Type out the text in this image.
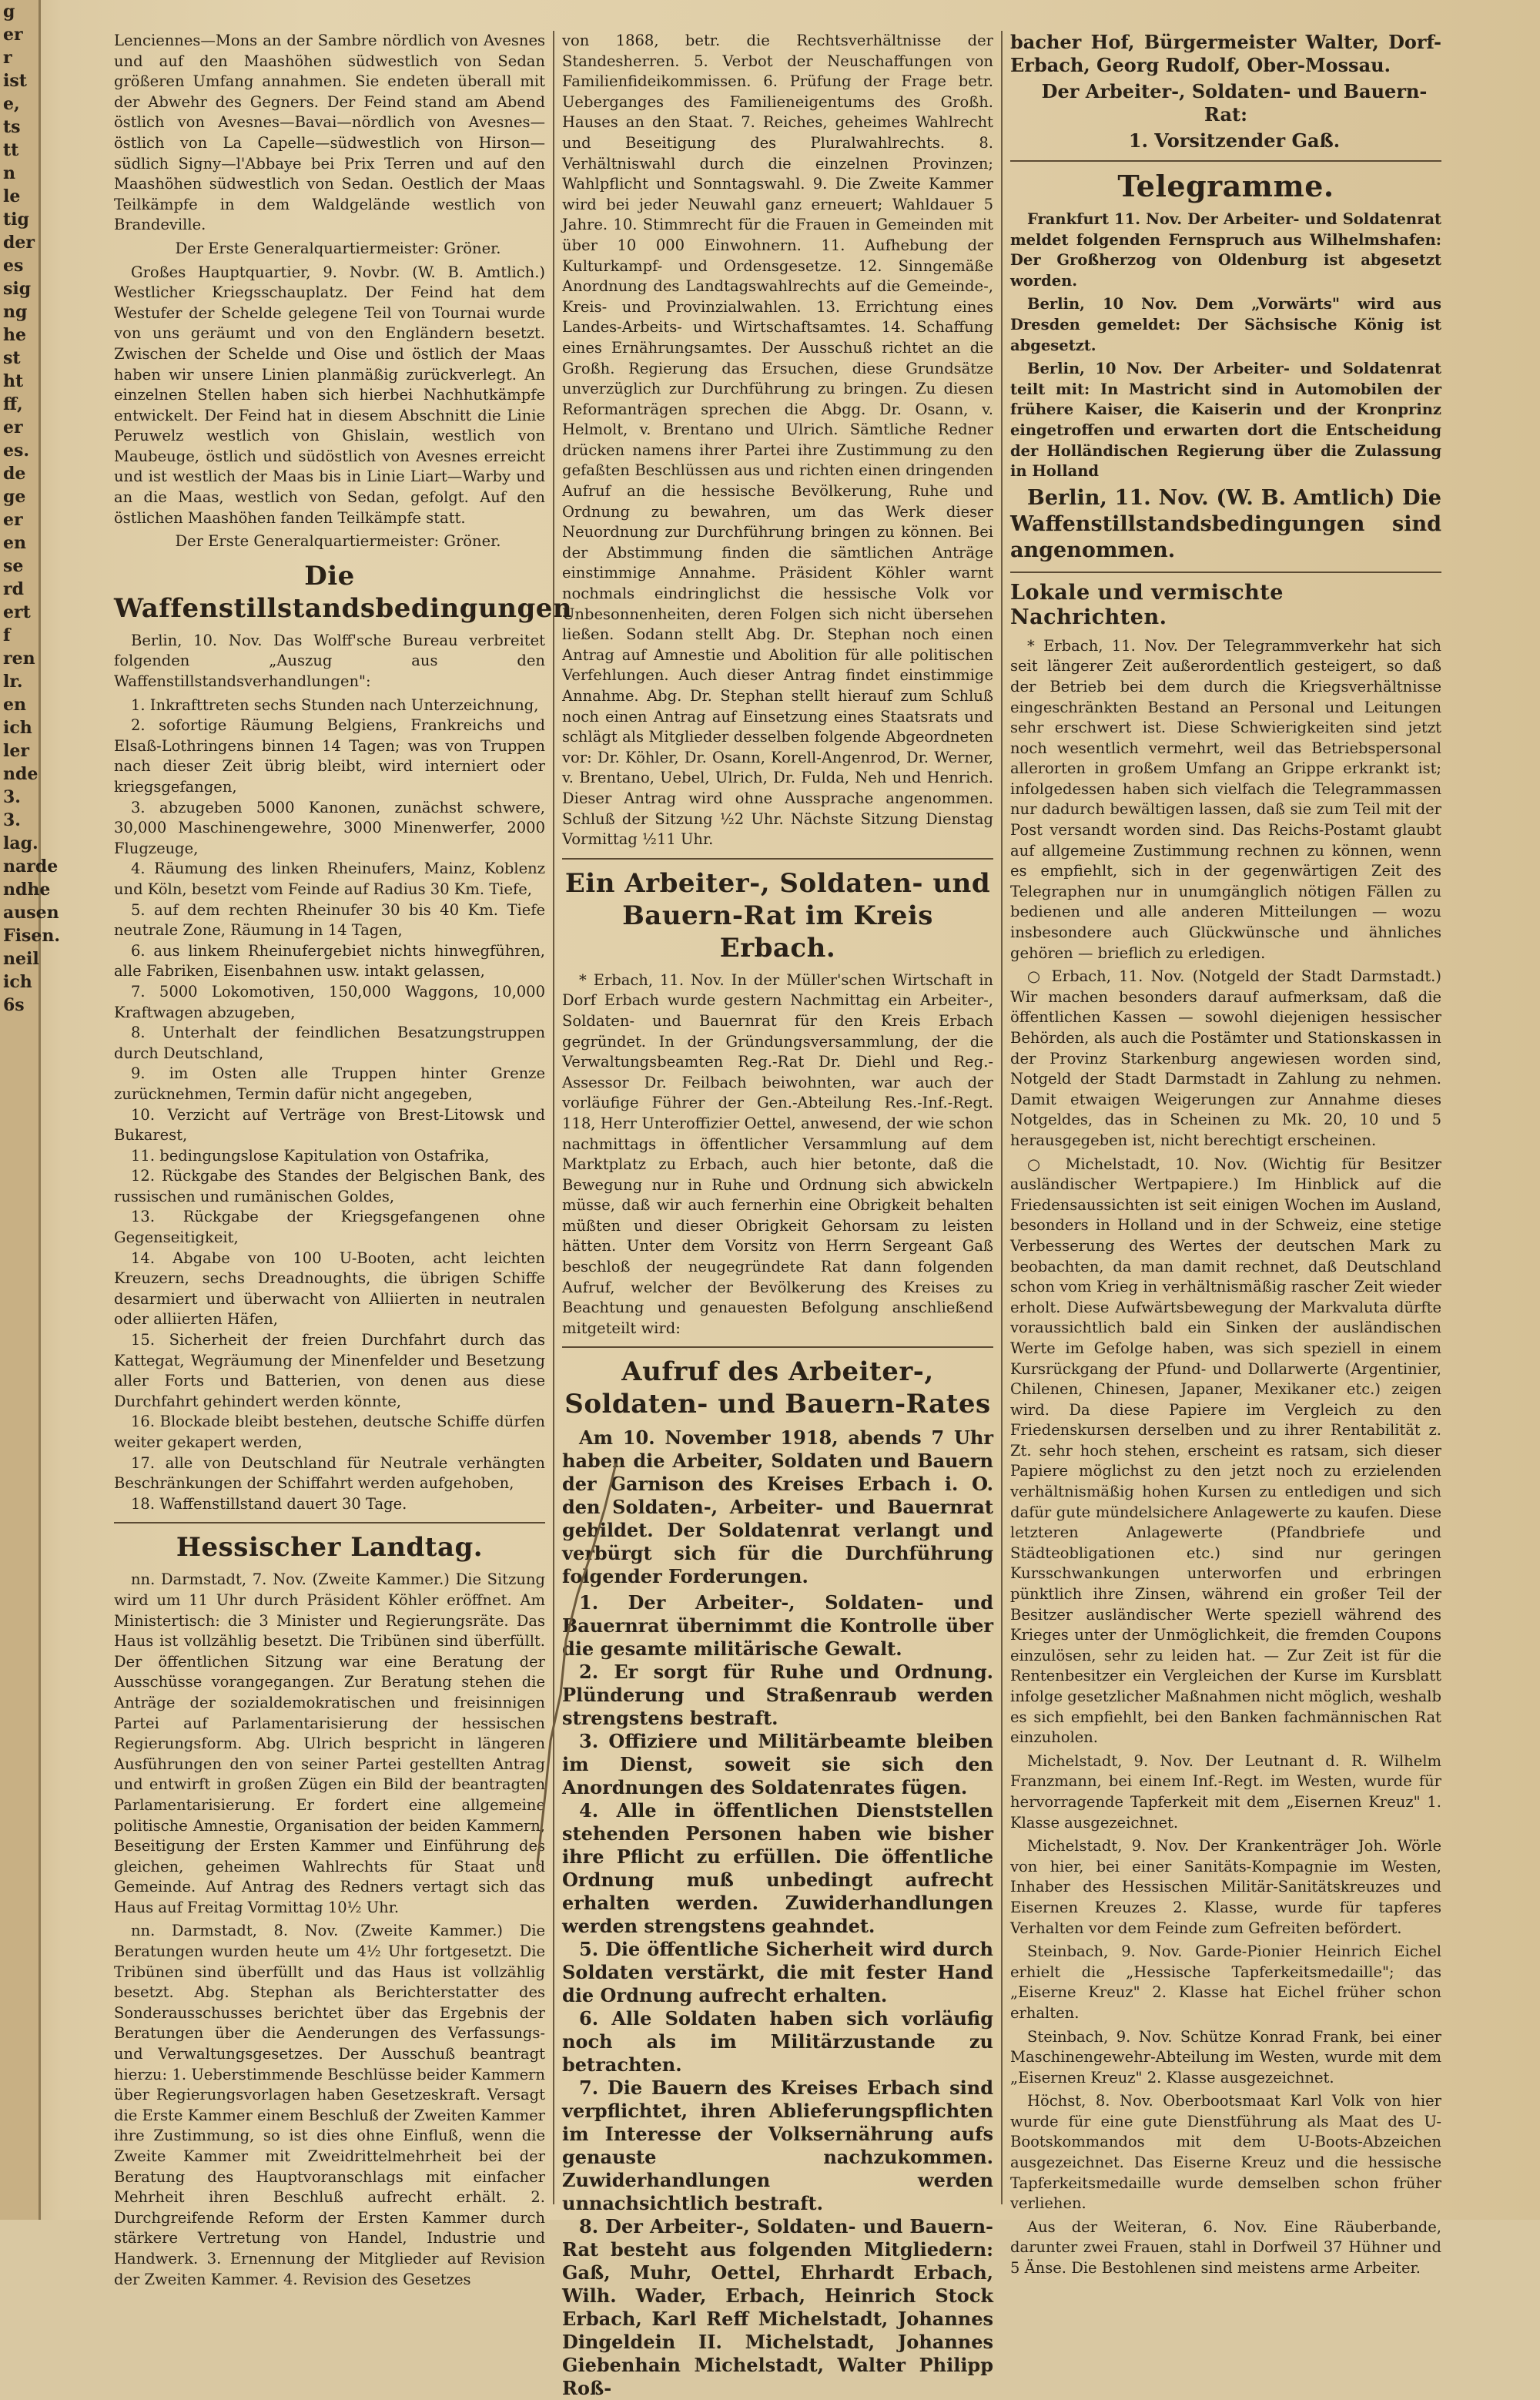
g
er
r
ist
e,
ts
tt
n
le
tig
der
es
sig
ng
he
st
ht
ff,
er
es.
de
ge
er
en
se
rd
ert
f
ren
lr.
en
ich
ler
nde
3.
3.
lag.
narde
ndhe
ausen
Fisen.
neil
ich
6s

Lenciennes—Mons an der Sambre nördlich von Avesnes und auf den Maashöhen südwestlich von Sedan größeren Umfang annahmen. Sie endeten überall mit der Abwehr des Gegners. Der Feind stand am Abend östlich von Avesnes—Bavai—nördlich von Avesnes—östlich von La Capelle—südwestlich von Hirson—südlich Signy—l'Abbaye bei Prix Terren und auf den Maashöhen südwestlich von Sedan. Oestlich der Maas Teilkämpfe in dem Waldgelände westlich von Brandeville.

Der Erste Generalquartiermeister: Gröner.

Großes Hauptquartier, 9. Novbr. (W. B. Amtlich.) Westlicher Kriegsschauplatz. Der Feind hat dem Westufer der Schelde gelegene Teil von Tournai wurde von uns geräumt und von den Engländern besetzt. Zwischen der Schelde und Oise und östlich der Maas haben wir unsere Linien planmäßig zurückverlegt. An einzelnen Stellen haben sich hierbei Nachhutkämpfe entwickelt. Der Feind hat in diesem Abschnitt die Linie Peruwelz westlich von Ghislain, westlich von Maubeuge, östlich und südöstlich von Avesnes erreicht und ist westlich der Maas bis in Linie Liart—Warby und an die Maas, westlich von Sedan, gefolgt. Auf den östlichen Maashöhen fanden Teilkämpfe statt.

Der Erste Generalquartiermeister: Gröner.

Die Waffenstillstandsbedingungen

Berlin, 10. Nov. Das Wolff'sche Bureau verbreitet folgenden „Auszug aus den Waffenstillstandsverhandlungen":

1. Inkrafttreten sechs Stunden nach Unterzeichnung,
2. sofortige Räumung Belgiens, Frankreichs und Elsaß-Lothringens binnen 14 Tagen; was von Truppen nach dieser Zeit übrig bleibt, wird interniert oder kriegsgefangen,
3. abzugeben 5000 Kanonen, zunächst schwere, 30,000 Maschinengewehre, 3000 Minenwerfer, 2000 Flugzeuge,
4. Räumung des linken Rheinufers, Mainz, Koblenz und Köln, besetzt vom Feinde auf Radius 30 Km. Tiefe,
5. auf dem rechten Rheinufer 30 bis 40 Km. Tiefe neutrale Zone, Räumung in 14 Tagen,
6. aus linkem Rheinufergebiet nichts hinwegführen, alle Fabriken, Eisenbahnen usw. intakt gelassen,
7. 5000 Lokomotiven, 150,000 Waggons, 10,000 Kraftwagen abzugeben,
8. Unterhalt der feindlichen Besatzungstruppen durch Deutschland,
9. im Osten alle Truppen hinter Grenze zurücknehmen, Termin dafür nicht angegeben,
10. Verzicht auf Verträge von Brest-Litowsk und Bukarest,
11. bedingungslose Kapitulation von Ostafrika,
12. Rückgabe des Standes der Belgischen Bank, des russischen und rumänischen Goldes,
13. Rückgabe der Kriegsgefangenen ohne Gegenseitigkeit,
14. Abgabe von 100 U-Booten, acht leichten Kreuzern, sechs Dreadnoughts, die übrigen Schiffe desarmiert und überwacht von Alliierten in neutralen oder alliierten Häfen,
15. Sicherheit der freien Durchfahrt durch das Kattegat, Wegräumung der Minenfelder und Besetzung aller Forts und Batterien, von denen aus diese Durchfahrt gehindert werden könnte,
16. Blockade bleibt bestehen, deutsche Schiffe dürfen weiter gekapert werden,
17. alle von Deutschland für Neutrale verhängten Beschränkungen der Schiffahrt werden aufgehoben,
18. Waffenstillstand dauert 30 Tage.
Hessischer Landtag.

nn. Darmstadt, 7. Nov. (Zweite Kammer.) Die Sitzung wird um 11 Uhr durch Präsident Köhler eröffnet. Am Ministertisch: die 3 Minister und Regierungsräte. Das Haus ist vollzählig besetzt. Die Tribünen sind überfüllt. Der öffentlichen Sitzung war eine Beratung der Ausschüsse vorangegangen. Zur Beratung stehen die Anträge der sozialdemokratischen und freisinnigen Partei auf Parlamentarisierung der hessischen Regierungsform. Abg. Ulrich bespricht in längeren Ausführungen den von seiner Partei gestellten Antrag und entwirft in großen Zügen ein Bild der beantragten Parlamentarisierung. Er fordert eine allgemeine politische Amnestie, Organisation der beiden Kammern, Beseitigung der Ersten Kammer und Einführung des gleichen, geheimen Wahlrechts für Staat und Gemeinde. Auf Antrag des Redners vertagt sich das Haus auf Freitag Vormittag 10½ Uhr.

nn. Darmstadt, 8. Nov. (Zweite Kammer.) Die Beratungen wurden heute um 4½ Uhr fortgesetzt. Die Tribünen sind überfüllt und das Haus ist vollzählig besetzt. Abg. Stephan als Berichterstatter des Sonderausschusses berichtet über das Ergebnis der Beratungen über die Aenderungen des Verfassungs- und Verwaltungsgesetzes. Der Ausschuß beantragt hierzu: 1. Ueberstimmende Beschlüsse beider Kammern über Regierungsvorlagen haben Gesetzeskraft. Versagt die Erste Kammer einem Beschluß der Zweiten Kammer ihre Zustimmung, so ist dies ohne Einfluß, wenn die Zweite Kammer mit Zweidrittelmehrheit bei der Beratung des Hauptvoranschlags mit einfacher Mehrheit ihren Beschluß aufrecht erhält. 2. Durchgreifende Reform der Ersten Kammer durch stärkere Vertretung von Handel, Industrie und Handwerk. 3. Ernennung der Mitglieder auf Revision der Zweiten Kammer. 4. Revision des Gesetzes

von 1868, betr. die Rechtsverhältnisse der Standesherren. 5. Verbot der Neuschaffungen von Familienfideikommissen. 6. Prüfung der Frage betr. Ueberganges des Familieneigentums des Großh. Hauses an den Staat. 7. Reiches, geheimes Wahlrecht und Beseitigung des Pluralwahlrechts. 8. Verhältniswahl durch die einzelnen Provinzen; Wahlpflicht und Sonntagswahl. 9. Die Zweite Kammer wird bei jeder Neuwahl ganz erneuert; Wahldauer 5 Jahre. 10. Stimmrecht für die Frauen in Gemeinden mit über 10 000 Einwohnern. 11. Aufhebung der Kulturkampf- und Ordensgesetze. 12. Sinngemäße Anordnung des Landtagswahlrechts auf die Gemeinde-, Kreis- und Provinzialwahlen. 13. Errichtung eines Landes-Arbeits- und Wirtschaftsamtes. 14. Schaffung eines Ernährungsamtes. Der Ausschuß richtet an die Großh. Regierung das Ersuchen, diese Grundsätze unverzüglich zur Durchführung zu bringen. Zu diesen Reformanträgen sprechen die Abgg. Dr. Osann, v. Helmolt, v. Brentano und Ulrich. Sämtliche Redner drücken namens ihrer Partei ihre Zustimmung zu den gefaßten Beschlüssen aus und richten einen dringenden Aufruf an die hessische Bevölkerung, Ruhe und Ordnung zu bewahren, um das Werk dieser Neuordnung zur Durchführung bringen zu können. Bei der Abstimmung finden die sämtlichen Anträge einstimmige Annahme. Präsident Köhler warnt nochmals eindringlichst die hessische Volk vor Unbesonnenheiten, deren Folgen sich nicht übersehen ließen. Sodann stellt Abg. Dr. Stephan noch einen Antrag auf Amnestie und Abolition für alle politischen Verfehlungen. Auch dieser Antrag findet einstimmige Annahme. Abg. Dr. Stephan stellt hierauf zum Schluß noch einen Antrag auf Einsetzung eines Staatsrats und schlägt als Mitglieder desselben folgende Abgeordneten vor: Dr. Köhler, Dr. Osann, Korell-Angenrod, Dr. Werner, v. Brentano, Uebel, Ulrich, Dr. Fulda, Neh und Henrich. Dieser Antrag wird ohne Aussprache angenommen. Schluß der Sitzung ½2 Uhr. Nächste Sitzung Dienstag Vormittag ½11 Uhr.

Ein Arbeiter-, Soldaten- und Bauern-Rat im Kreis Erbach.

* Erbach, 11. Nov. In der Müller'schen Wirtschaft in Dorf Erbach wurde gestern Nachmittag ein Arbeiter-, Soldaten- und Bauernrat für den Kreis Erbach gegründet. In der Gründungsversammlung, der die Verwaltungsbeamten Reg.-Rat Dr. Diehl und Reg.-Assessor Dr. Feilbach beiwohnten, war auch der vorläufige Führer der Gen.-Abteilung Res.-Inf.-Regt. 118, Herr Unteroffizier Oettel, anwesend, der wie schon nachmittags in öffentlicher Versammlung auf dem Marktplatz zu Erbach, auch hier betonte, daß die Bewegung nur in Ruhe und Ordnung sich abwickeln müsse, daß wir auch fernerhin eine Obrigkeit behalten müßten und dieser Obrigkeit Gehorsam zu leisten hätten. Unter dem Vorsitz von Herrn Sergeant Gaß beschloß der neugegründete Rat dann folgenden Aufruf, welcher der Bevölkerung des Kreises zu Beachtung und genauesten Befolgung anschließend mitgeteilt wird:

Aufruf des Arbeiter-, Soldaten- und Bauern-Rates

Am 10. November 1918, abends 7 Uhr haben die Arbeiter, Soldaten und Bauern der Garnison des Kreises Erbach i. O. den Soldaten-, Arbeiter- und Bauernrat gebildet. Der Soldatenrat verlangt und verbürgt sich für die Durchführung folgender Forderungen.

1. Der Arbeiter-, Soldaten- und Bauernrat übernimmt die Kontrolle über die gesamte militärische Gewalt.
2. Er sorgt für Ruhe und Ordnung. Plünderung und Straßenraub werden strengstens bestraft.
3. Offiziere und Militärbeamte bleiben im Dienst, soweit sie sich den Anordnungen des Soldatenrates fügen.
4. Alle in öffentlichen Dienststellen stehenden Personen haben wie bisher ihre Pflicht zu erfüllen. Die öffentliche Ordnung muß unbedingt aufrecht erhalten werden. Zuwiderhandlungen werden strengstens geahndet.
5. Die öffentliche Sicherheit wird durch Soldaten verstärkt, die mit fester Hand die Ordnung aufrecht erhalten.
6. Alle Soldaten haben sich vorläufig noch als im Militärzustande zu betrachten.
7. Die Bauern des Kreises Erbach sind verpflichtet, ihren Ablieferungspflichten im Interesse der Volksernährung aufs genauste nachzukommen. Zuwiderhandlungen werden unnachsichtlich bestraft.
8. Der Arbeiter-, Soldaten- und Bauern-Rat besteht aus folgenden Mitgliedern: Gaß, Muhr, Oettel, Ehrhardt Erbach, Wilh. Wader, Erbach, Heinrich Stock Erbach, Karl Reff Michelstadt, Johannes Dingeldein II. Michelstadt, Johannes Giebenhain Michelstadt, Walter Philipp Roß-

bacher Hof, Bürgermeister Walter, Dorf-Erbach, Georg Rudolf, Ober-Mossau.

Der Arbeiter-, Soldaten- und Bauern-Rat:

1. Vorsitzender Gaß.

Telegramme.

Frankfurt 11. Nov. Der Arbeiter- und Soldatenrat meldet folgenden Fernspruch aus Wilhelmshafen: Der Großherzog von Oldenburg ist abgesetzt worden.

Berlin, 10 Nov. Dem „Vorwärts" wird aus Dresden gemeldet: Der Sächsische König ist abgesetzt.

Berlin, 10 Nov. Der Arbeiter- und Soldatenrat teilt mit: In Mastricht sind in Automobilen der frühere Kaiser, die Kaiserin und der Kronprinz eingetroffen und erwarten dort die Entscheidung der Holländischen Regierung über die Zulassung in Holland

Berlin, 11. Nov. (W. B. Amtlich) Die Waffenstillstandsbedingungen sind angenommen.

Lokale und vermischte Nachrichten.

* Erbach, 11. Nov. Der Telegrammverkehr hat sich seit längerer Zeit außerordentlich gesteigert, so daß der Betrieb bei dem durch die Kriegsverhältnisse eingeschränkten Bestand an Personal und Leitungen sehr erschwert ist. Diese Schwierigkeiten sind jetzt noch wesentlich vermehrt, weil das Betriebspersonal allerorten in großem Umfang an Grippe erkrankt ist; infolgedessen haben sich vielfach die Telegrammassen nur dadurch bewältigen lassen, daß sie zum Teil mit der Post versandt worden sind. Das Reichs-Postamt glaubt auf allgemeine Zustimmung rechnen zu können, wenn es empfiehlt, sich in der gegenwärtigen Zeit des Telegraphen nur in unumgänglich nötigen Fällen zu bedienen und alle anderen Mitteilungen — wozu insbesondere auch Glückwünsche und ähnliches gehören — brieflich zu erledigen.

○ Erbach, 11. Nov. (Notgeld der Stadt Darmstadt.) Wir machen besonders darauf aufmerksam, daß die öffentlichen Kassen — sowohl diejenigen hessischer Behörden, als auch die Postämter und Stationskassen in der Provinz Starkenburg angewiesen worden sind, Notgeld der Stadt Darmstadt in Zahlung zu nehmen. Damit etwaigen Weigerungen zur Annahme dieses Notgeldes, das in Scheinen zu Mk. 20, 10 und 5 herausgegeben ist, nicht berechtigt erscheinen.

○ Michelstadt, 10. Nov. (Wichtig für Besitzer ausländischer Wertpapiere.) Im Hinblick auf die Friedensaussichten ist seit einigen Wochen im Ausland, besonders in Holland und in der Schweiz, eine stetige Verbesserung des Wertes der deutschen Mark zu beobachten, da man damit rechnet, daß Deutschland schon vom Krieg in verhältnismäßig rascher Zeit wieder erholt. Diese Aufwärtsbewegung der Markvaluta dürfte voraussichtlich bald ein Sinken der ausländischen Werte im Gefolge haben, was sich speziell in einem Kursrückgang der Pfund- und Dollarwerte (Argentinier, Chilenen, Chinesen, Japaner, Mexikaner etc.) zeigen wird. Da diese Papiere im Vergleich zu den Friedenskursen derselben und zu ihrer Rentabilität z. Zt. sehr hoch stehen, erscheint es ratsam, sich dieser Papiere möglichst zu den jetzt noch zu erzielenden verhältnismäßig hohen Kursen zu entledigen und sich dafür gute mündelsichere Anlagewerte zu kaufen. Diese letzteren Anlagewerte (Pfandbriefe und Städteobligationen etc.) sind nur geringen Kursschwankungen unterworfen und erbringen pünktlich ihre Zinsen, während ein großer Teil der Besitzer ausländischer Werte speziell während des Krieges unter der Unmöglichkeit, die fremden Coupons einzulösen, sehr zu leiden hat. — Zur Zeit ist für die Rentenbesitzer ein Vergleichen der Kurse im Kursblatt infolge gesetzlicher Maßnahmen nicht möglich, weshalb es sich empfiehlt, bei den Banken fachmännischen Rat einzuholen.

Michelstadt, 9. Nov. Der Leutnant d. R. Wilhelm Franzmann, bei einem Inf.-Regt. im Westen, wurde für hervorragende Tapferkeit mit dem „Eisernen Kreuz" 1. Klasse ausgezeichnet.

Michelstadt, 9. Nov. Der Krankenträger Joh. Wörle von hier, bei einer Sanitäts-Kompagnie im Westen, Inhaber des Hessischen Militär-Sanitätskreuzes und Eisernen Kreuzes 2. Klasse, wurde für tapferes Verhalten vor dem Feinde zum Gefreiten befördert.

Steinbach, 9. Nov. Garde-Pionier Heinrich Eichel erhielt die „Hessische Tapferkeitsmedaille"; das „Eiserne Kreuz" 2. Klasse hat Eichel früher schon erhalten.

Steinbach, 9. Nov. Schütze Konrad Frank, bei einer Maschinengewehr-Abteilung im Westen, wurde mit dem „Eisernen Kreuz" 2. Klasse ausgezeichnet.

Höchst, 8. Nov. Oberbootsmaat Karl Volk von hier wurde für eine gute Dienstführung als Maat des U-Bootskommandos mit dem U-Boots-Abzeichen ausgezeichnet. Das Eiserne Kreuz und die hessische Tapferkeitsmedaille wurde demselben schon früher verliehen.

Aus der Weiteran, 6. Nov. Eine Räuberbande, darunter zwei Frauen, stahl in Dorfweil 37 Hühner und 5 Änse. Die Bestohlenen sind meistens arme Arbeiter.
